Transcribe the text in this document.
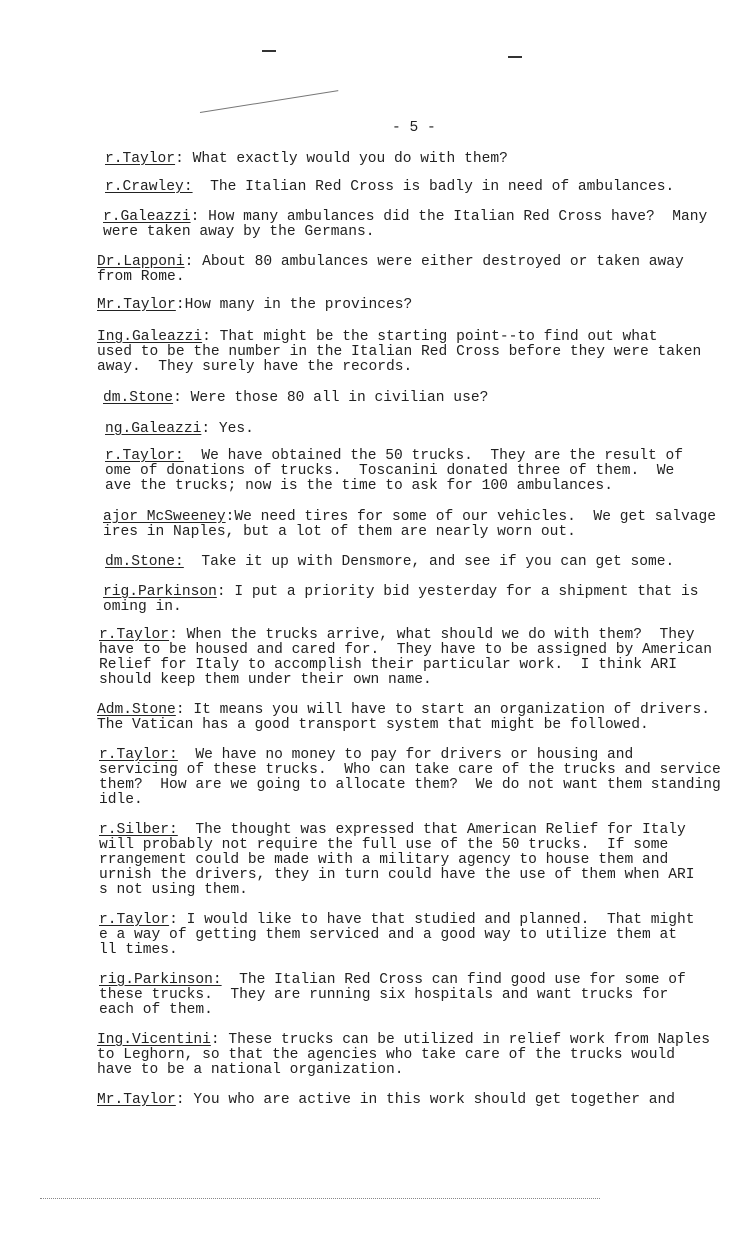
- 5 -
r.Taylor: What exactly would you do with them?
r.Crawley:  The Italian Red Cross is badly in need of ambulances.
r.Galeazzi: How many ambulances did the Italian Red Cross have?  Many
were taken away by the Germans.
Dr.Lapponi: About 80 ambulances were either destroyed or taken away
from Rome.
Mr.Taylor:How many in the provinces?
Ing.Galeazzi: That might be the starting point--to find out what
used to be the number in the Italian Red Cross before they were taken
away.  They surely have the records.
dm.Stone: Were those 80 all in civilian use?
ng.Galeazzi: Yes.
r.Taylor:  We have obtained the 50 trucks.  They are the result of
ome of donations of trucks.  Toscanini donated three of them.  We
ave the trucks; now is the time to ask for 100 ambulances.
ajor McSweeney:We need tires for some of our vehicles.  We get salvage
ires in Naples, but a lot of them are nearly worn out.
dm.Stone:  Take it up with Densmore, and see if you can get some.
rig.Parkinson: I put a priority bid yesterday for a shipment that is
oming in.
r.Taylor: When the trucks arrive, what should we do with them?  They
have to be housed and cared for.  They have to be assigned by American
Relief for Italy to accomplish their particular work.  I think ARI
should keep them under their own name.
Adm.Stone: It means you will have to start an organization of drivers.
The Vatican has a good transport system that might be followed.
r.Taylor:  We have no money to pay for drivers or housing and
servicing of these trucks.  Who can take care of the trucks and service
them?  How are we going to allocate them?  We do not want them standing
idle.
r.Silber:  The thought was expressed that American Relief for Italy
will probably not require the full use of the 50 trucks.  If some
rrangement could be made with a military agency to house them and
urnish the drivers, they in turn could have the use of them when ARI
s not using them.
r.Taylor: I would like to have that studied and planned.  That might
e a way of getting them serviced and a good way to utilize them at
ll times.
rig.Parkinson:  The Italian Red Cross can find good use for some of
these trucks.  They are running six hospitals and want trucks for
each of them.
Ing.Vicentini: These trucks can be utilized in relief work from Naples
to Leghorn, so that the agencies who take care of the trucks would
have to be a national organization.
Mr.Taylor: You who are active in this work should get together and
